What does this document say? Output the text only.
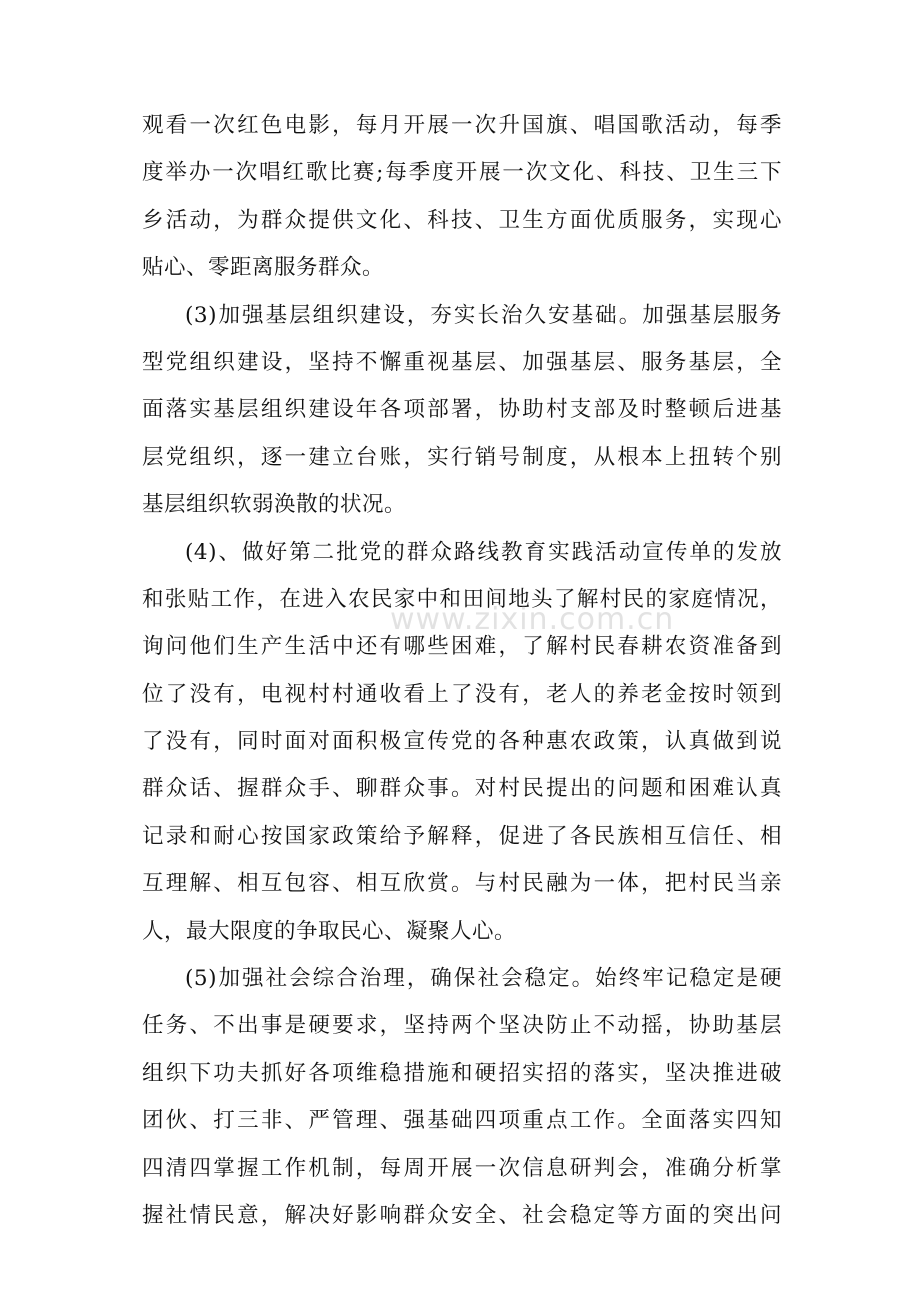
观看一次红色电影，每月开展一次升国旗、唱国歌活动，每季
度举办一次唱红歌比赛;每季度开展一次文化、科技、卫生三下
乡活动，为群众提供文化、科技、卫生方面优质服务，实现心
贴心、零距离服务群众。
(3)加强基层组织建设，夯实长治久安基础。加强基层服务
型党组织建设，坚持不懈重视基层、加强基层、服务基层，全
面落实基层组织建设年各项部署，协助村支部及时整顿后进基
层党组织，逐一建立台账，实行销号制度，从根本上扭转个别
基层组织软弱涣散的状况。
(4)、做好第二批党的群众路线教育实践活动宣传单的发放
和张贴工作，在进入农民家中和田间地头了解村民的家庭情况，
询问他们生产生活中还有哪些困难，了解村民春耕农资准备到
位了没有，电视村村通收看上了没有，老人的养老金按时领到
了没有，同时面对面积极宣传党的各种惠农政策，认真做到说
群众话、握群众手、聊群众事。对村民提出的问题和困难认真
记录和耐心按国家政策给予解释，促进了各民族相互信任、相
互理解、相互包容、相互欣赏。与村民融为一体，把村民当亲
人，最大限度的争取民心、凝聚人心。
(5)加强社会综合治理，确保社会稳定。始终牢记稳定是硬
任务、不出事是硬要求，坚持两个坚决防止不动摇，协助基层
组织下功夫抓好各项维稳措施和硬招实招的落实，坚决推进破
团伙、打三非、严管理、强基础四项重点工作。全面落实四知
四清四掌握工作机制，每周开展一次信息研判会，准确分析掌
握社情民意，解决好影响群众安全、社会稳定等方面的突出问
www.zixin.com.cn
